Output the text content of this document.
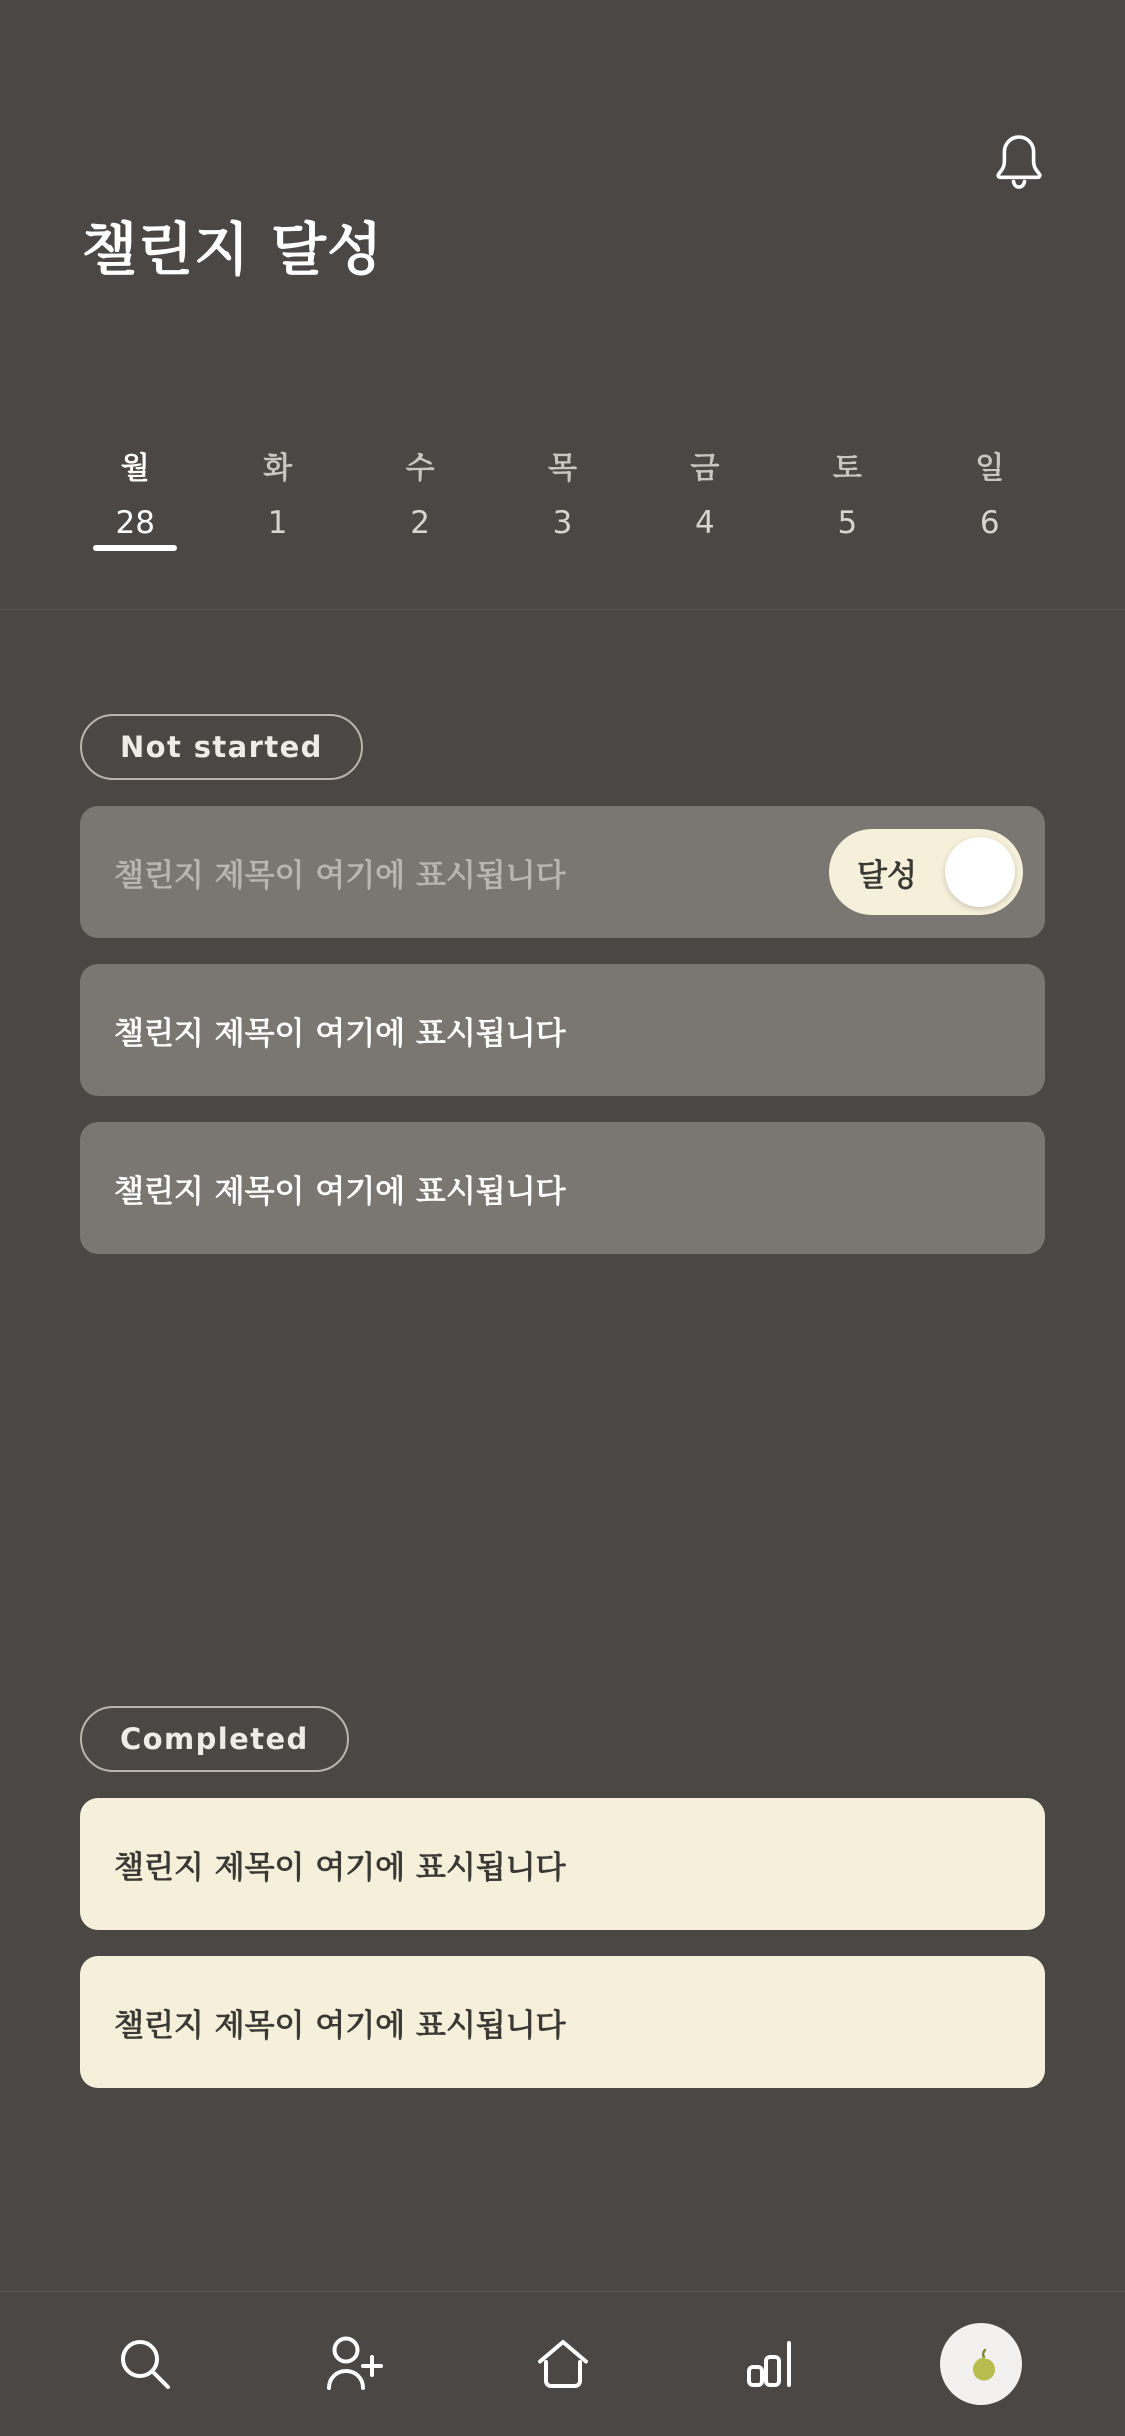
챌린지 달성
월
28
화
1
수
2
목
3
금
4
토
5
일
6
Not started
챌린지 제목이 여기에 표시됩니다	달성
챌린지 제목이 여기에 표시됩니다
챌린지 제목이 여기에 표시됩니다
Completed
챌린지 제목이 여기에 표시됩니다
챌린지 제목이 여기에 표시됩니다
